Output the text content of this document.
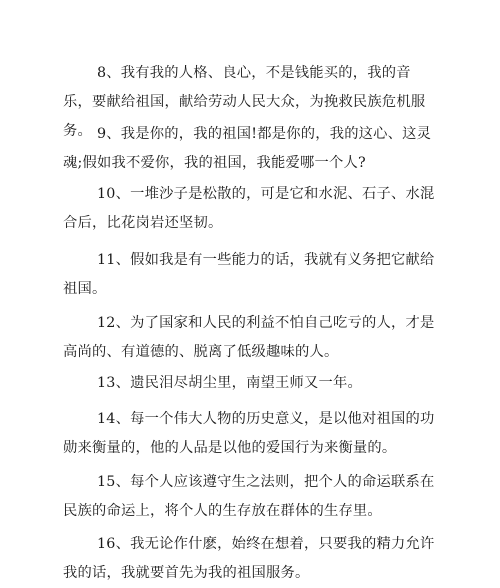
8、我有我的人格、良心，不是钱能买的，我的音乐，要献给祖国，献给劳动人民大众，为挽救民族危机服务。 9、我是你的，我的祖国!都是你的，我的这心、这灵魂;假如我不爱你，我的祖国，我能爱哪一个人?

10、一堆沙子是松散的，可是它和水泥、石子、水混合后，比花岗岩还坚韧。

11、假如我是有一些能力的话，我就有义务把它献给祖国。

12、为了国家和人民的利益不怕自己吃亏的人，才是高尚的、有道德的、脱离了低级趣味的人。

13、遗民泪尽胡尘里，南望王师又一年。

14、每一个伟大人物的历史意义，是以他对祖国的功勋来衡量的，他的人品是以他的爱国行为来衡量的。

15、每个人应该遵守生之法则，把个人的命运联系在民族的命运上，将个人的生存放在群体的生存里。

16、我无论作什麽，始终在想着，只要我的精力允许我的话，我就要首先为我的祖国服务。
